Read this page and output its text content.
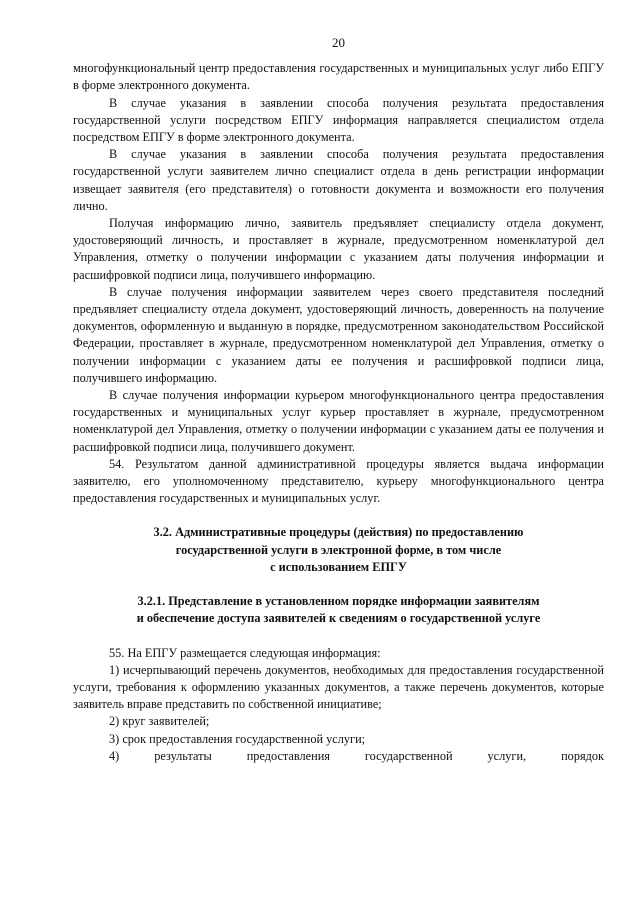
20

многофункциональный центр предоставления государственных и муниципальных услуг либо ЕПГУ в форме электронного документа.

В случае указания в заявлении способа получения результата предоставления государственной услуги посредством ЕПГУ информация направляется специалистом отдела посредством ЕПГУ в форме электронного документа.

В случае указания в заявлении способа получения результата предоставления государственной услуги заявителем лично специалист отдела в день регистрации информации извещает заявителя (его представителя) о готовности документа и возможности его получения лично.

Получая информацию лично, заявитель предъявляет специалисту отдела документ, удостоверяющий личность, и проставляет в журнале, предусмотренном номенклатурой дел Управления, отметку о получении информации с указанием даты получения информации и расшифровкой подписи лица, получившего информацию.

В случае получения информации заявителем через своего представителя последний предъявляет специалисту отдела документ, удостоверяющий личность, доверенность на получение документов, оформленную и выданную в порядке, предусмотренном законодательством Российской Федерации, проставляет в журнале, предусмотренном номенклатурой дел Управления, отметку о получении информации с указанием даты ее получения и расшифровкой подписи лица, получившего информацию.

В случае получения информации курьером многофункционального центра предоставления государственных и муниципальных услуг курьер проставляет в журнале, предусмотренном номенклатурой дел Управления, отметку о получении информации с указанием даты ее получения и расшифровкой подписи лица, получившего документ.

54. Результатом данной административной процедуры является выдача информации заявителю, его уполномоченному представителю, курьеру многофункционального центра предоставления государственных и муниципальных услуг.

3.2. Административные процедуры (действия) по предоставлению

государственной услуги в электронной форме, в том числе

с использованием ЕПГУ

3.2.1. Представление в установленном порядке информации заявителям

и обеспечение доступа заявителей к сведениям о государственной услуге

55. На ЕПГУ размещается следующая информация:

1) исчерпывающий перечень документов, необходимых для предоставления государственной услуги, требования к оформлению указанных документов, а также перечень документов, которые заявитель вправе представить по собственной инициативе;

2) круг заявителей;

3) срок предоставления государственной услуги;

4) результаты предоставления государственной услуги, порядок
